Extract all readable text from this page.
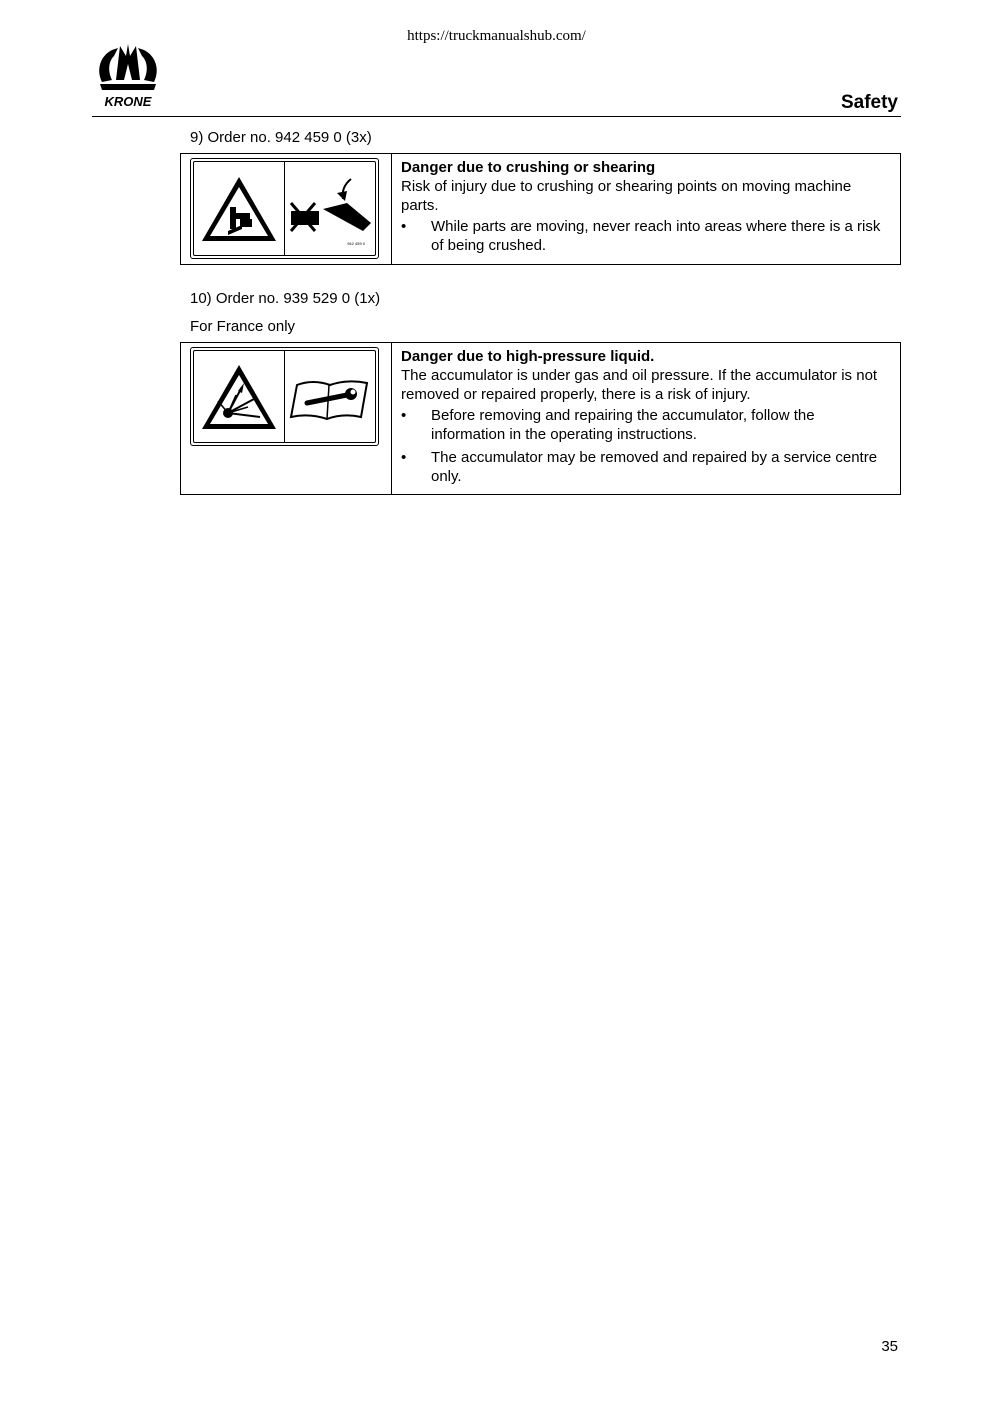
https://truckmanualshub.com/
KRONE	Safety
9) Order no. 942 459 0 (3x)
942 459 0
Danger due to crushing or shearing
Risk of injury due to crushing or shearing points on moving machine parts.
•	While parts are moving, never reach into areas where there is a risk of being crushed.
10) Order no. 939 529 0 (1x)
For France only
Danger due to high-pressure liquid.
The accumulator is under gas and oil pressure. If the accumulator is not removed or repaired properly, there is a risk of injury.
•	Before removing and repairing the accumulator, follow the information in the operating instructions.
•	The accumulator may be removed and repaired by a service centre only.
35
